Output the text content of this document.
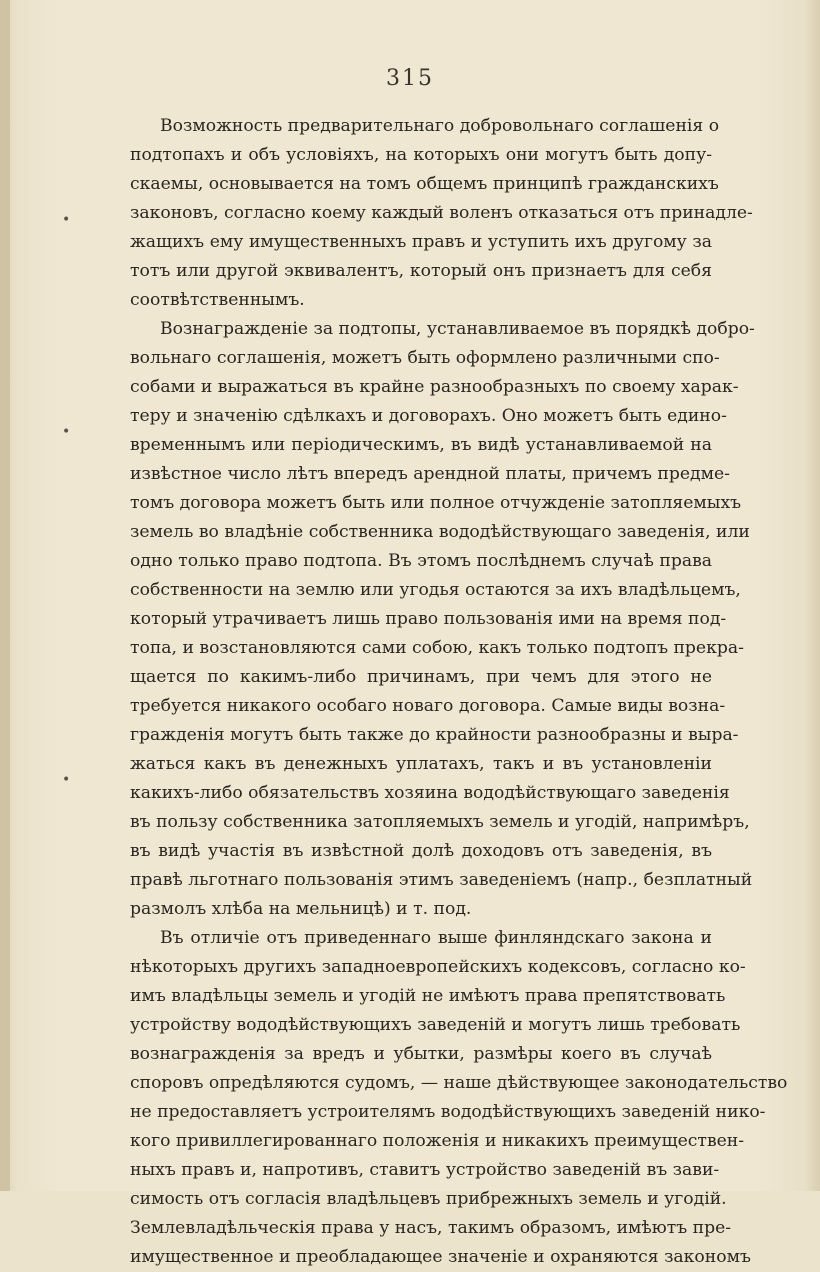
315
•
•
•
Возможность предварительнаго добровольнаго соглашенія о
подтопахъ и объ условіяхъ, на которыхъ они могутъ быть допу-
скаемы, основывается на томъ общемъ принципѣ гражданскихъ
законовъ, согласно коему каждый воленъ отказаться отъ принадле-
жащихъ ему имущественныхъ правъ и уступить ихъ другому за
тотъ или другой эквивалентъ, который онъ признаетъ для себя
соотвѣтственнымъ.
Вознагражденіе за подтопы, устанавливаемое въ порядкѣ добро-
вольнаго соглашенія, можетъ быть оформлено различными спо-
собами и выражаться въ крайне разнообразныхъ по своему харак-
теру и значенію сдѣлкахъ и договорахъ. Оно можетъ быть едино-
временнымъ или періодическимъ, въ видѣ устанавливаемой на
извѣстное число лѣтъ впередъ арендной платы, причемъ предме-
томъ договора можетъ быть или полное отчужденіе затопляемыхъ
земель во владѣніе собственника вододѣйствующаго заведенія, или
одно только право подтопа. Въ этомъ послѣднемъ случаѣ права
собственности на землю или угодья остаются за ихъ владѣльцемъ,
который утрачиваетъ лишь право пользованія ими на время под-
топа, и возстановляются сами собою, какъ только подтопъ прекра-
щается по какимъ-либо причинамъ, при чемъ для этого не
требуется никакого особаго новаго договора. Самые виды возна-
гражденія могутъ быть также до крайности разнообразны и выра-
жаться какъ въ денежныхъ уплатахъ, такъ и въ установленіи
какихъ-либо обязательствъ хозяина вододѣйствующаго заведенія
въ пользу собственника затопляемыхъ земель и угодій, напримѣръ,
въ видѣ участія въ извѣстной долѣ доходовъ отъ заведенія, въ
правѣ льготнаго пользованія этимъ заведеніемъ (напр., безплатный
размолъ хлѣба на мельницѣ) и т. под.
Въ отличіе отъ приведеннаго выше финляндскаго закона и
нѣкоторыхъ другихъ западноевропейскихъ кодексовъ, согласно ко-
имъ владѣльцы земель и угодій не имѣютъ права препятствовать
устройству вододѣйствующихъ заведеній и могутъ лишь требовать
вознагражденія за вредъ и убытки, размѣры коего въ случаѣ
споровъ опредѣляются судомъ, — наше дѣйствующее законодательство
не предоставляетъ устроителямъ вододѣйствующихъ заведеній нико-
кого привиллегированнаго положенія и никакихъ преимуществен-
ныхъ правъ и, напротивъ, ставитъ устройство заведеній въ зави-
симость отъ согласія владѣльцевъ прибрежныхъ земель и угодій.
Землевладѣльческія права у насъ, такимъ образомъ, имѣютъ пре-
имущественное и преобладающее значеніе и охраняются закономъ
